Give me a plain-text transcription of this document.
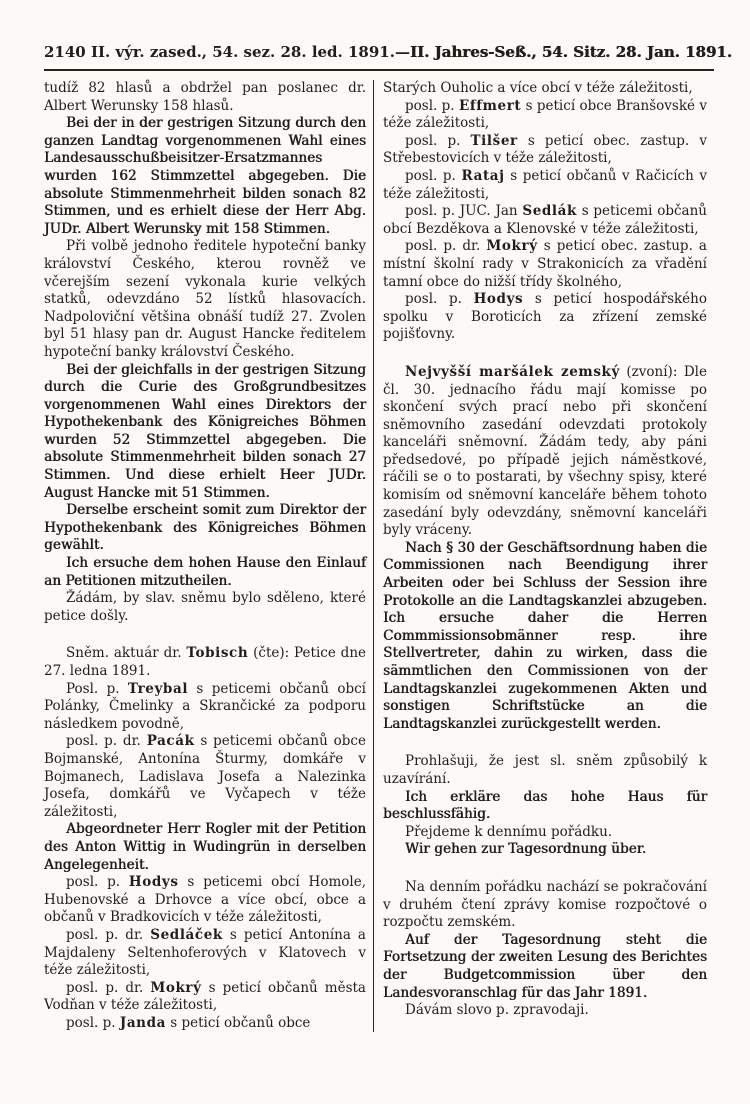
2140 II. výr. zased., 54. sez. 28. led. 1891. — II. Jahres-Seß., 54. Sitz. 28. Jan. 1891.

tudíž 82 hlasů a obdržel pan poslanec dr. Albert Werunsky 158 hlasů.

Bei der in der gestrigen Sitzung durch den ganzen Landtag vorgenommenen Wahl eines Landesausschußbeisitzer-Ersatzmannes wurden 162 Stimmzettel abgegeben. Die absolute Stimmenmehrheit bilden sonach 82 Stimmen, und es erhielt diese der Herr Abg. JUDr. Albert Werunsky mit 158 Stimmen.

Při volbě jednoho ředitele hypoteční banky království Českého, kterou rovněž ve včerejším sezení vykonala kurie velkých statků, odevzdáno 52 lístků hlasovacích. Nadpoloviční většina obnáší tudíž 27. Zvolen byl 51 hlasy pan dr. August Hancke ředitelem hypoteční banky království Českého.

Bei der gleichfalls in der gestrigen Sitzung durch die Curie des Großgrundbesitzes vorgenommenen Wahl eines Direktors der Hypothekenbank des Königreiches Böhmen wurden 52 Stimmzettel abgegeben. Die absolute Stimmenmehrheit bilden sonach 27 Stimmen. Und diese erhielt Heer JUDr. August Hancke mit 51 Stimmen.

Derselbe erscheint somit zum Direktor der Hypothekenbank des Königreiches Böhmen gewählt.

Ich ersuche dem hohen Hause den Einlauf an Petitionen mitzutheilen.

Žádám, by slav. sněmu bylo sděleno, které petice došly.

Sněm. aktuár dr. Tobisch (čte): Petice dne 27. ledna 1891.

Posl. p. Treybal s peticemi občanů obcí Polánky, Čmelinky a Skrančické za podporu následkem povodně,

posl. p. dr. Pacák s peticemi občanů obce Bojmanské, Antonína Šturmy, domkáře v Bojmanech, Ladislava Josefa a Nalezinka Josefa, domkářů ve Vyčapech v téže záležitosti,

Abgeordneter Herr Rogler mit der Petition des Anton Wittig in Wudingrün in derselben Angelegenheit.

posl. p. Hodys s peticemi obcí Homole, Hubenovské a Drhovce a více obcí, obce a občanů v Bradkovicích v téže záležitosti,

posl. p. dr. Sedláček s peticí Antonína a Majdaleny Seltenhoferových v Klatovech v téže záležitosti,

posl. p. dr. Mokrý s peticí občanů města Vodňan v téže záležitosti,

posl. p. Janda s peticí občanů obce

Starých Ouholic a více obcí v téže záležitosti,

posl. p. Effmert s peticí obce Branšovské v téže záležitosti,

posl. p. Tilšer s peticí obec. zastup. v Střebestovicích v téže záležitosti,

posl. p. Rataj s peticí občanů v Račicích v téže záležitosti,

posl. p. JUC. Jan Sedlák s peticemi občanů obcí Bezděkova a Klenovské v téže záležitosti,

posl. p. dr. Mokrý s peticí obec. zastup. a místní školní rady v Strakonicích za vřadění tamní obce do nižší třídy školného,

posl. p. Hodys s peticí hospodářského spolku v Boroticích za zřízení zemské pojišťovny.

Nejvyšší maršálek zemský (zvoní): Dle čl. 30. jednacího řádu mají komisse po skončení svých prací nebo při skončení sněmovního zasedání odevzdati protokoly kanceláři sněmovní. Žádám tedy, aby páni předsedové, po případě jejich náměstkové, ráčili se o to postarati, by všechny spisy, které komisím od sněmovní kanceláře během tohoto zasedání byly odevzdány, sněmovní kanceláři byly vráceny.

Nach § 30 der Geschäftsordnung haben die Commissionen nach Beendigung ihrer Arbeiten oder bei Schluss der Session ihre Protokolle an die Landtagskanzlei abzugeben. Ich ersuche daher die Herren Commmissionsobmänner resp. ihre Stellvertreter, dahin zu wirken, dass die sämmtlichen den Commissionen von der Landtagskanzlei zugekommenen Akten und sonstigen Schriftstücke an die Landtagskanzlei zurückgestellt werden.

Prohlašuji, že jest sl. sněm způsobilý k uzavírání.

Ich erkläre das hohe Haus für beschlussfähig.

Přejdeme k dennímu pořádku.

Wir gehen zur Tagesordnung über.

Na denním pořádku nachází se pokračování v druhém čtení zprávy komise rozpočtové o rozpočtu zemském.

Auf der Tagesordnung steht die Fortsetzung der zweiten Lesung des Berichtes der Budgetcommission über den Landesvoranschlag für das Jahr 1891.

Dávám slovo p. zpravodaji.
